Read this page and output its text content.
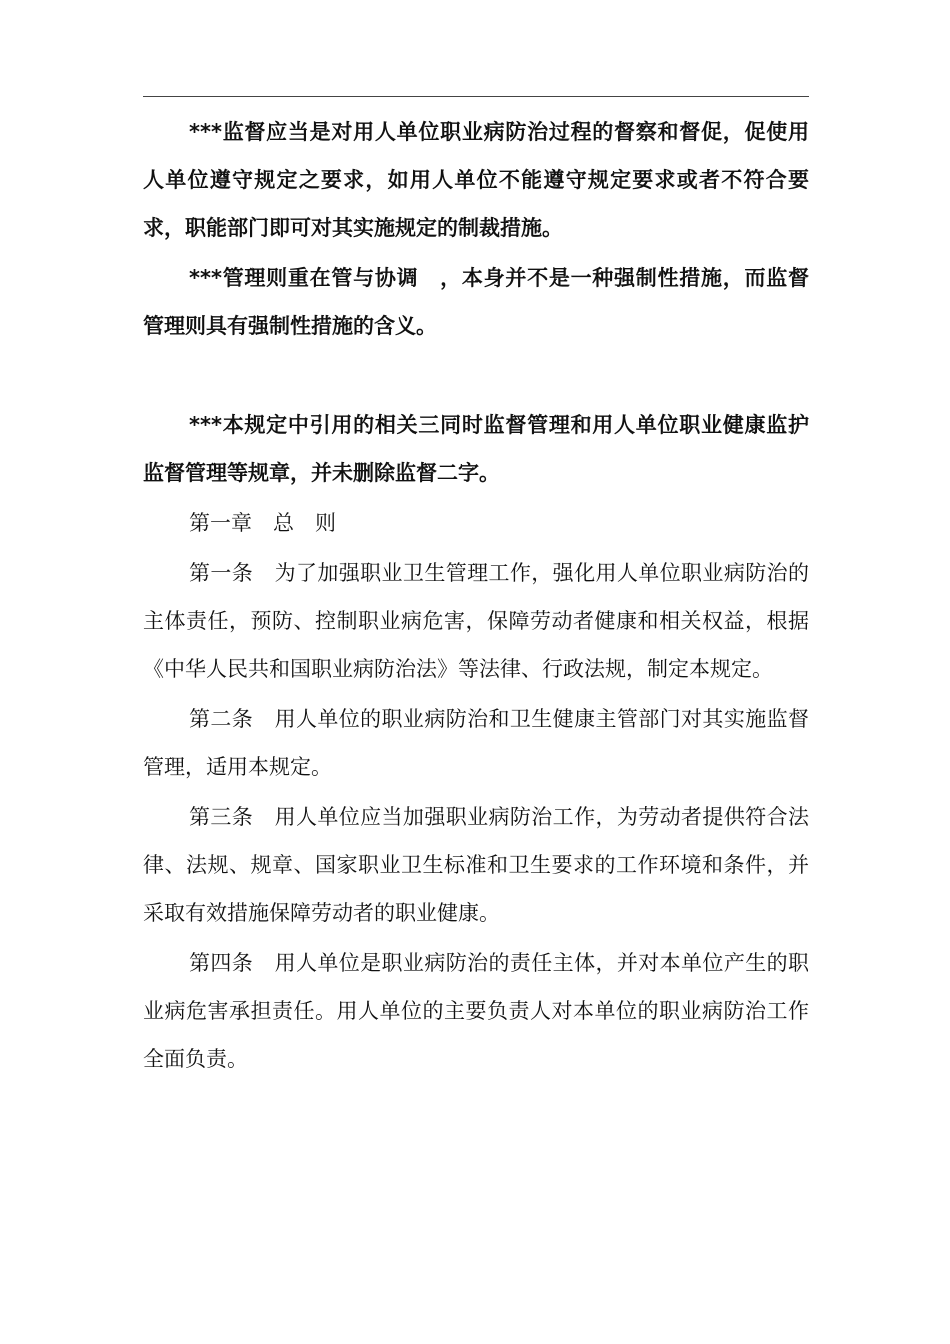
***监督应当是对用人单位职业病防治过程的督察和督促，促使用人单位遵守规定之要求，如用人单位不能遵守规定要求或者不符合要求，职能部门即可对其实施规定的制裁措施。

***管理则重在管与协调　，本身并不是一种强制性措施，而监督管理则具有强制性措施的含义。

***本规定中引用的相关三同时监督管理和用人单位职业健康监护监督管理等规章，并未删除监督二字。

第一章　总　则

第一条　为了加强职业卫生管理工作，强化用人单位职业病防治的主体责任，预防、控制职业病危害，保障劳动者健康和相关权益，根据《中华人民共和国职业病防治法》等法律、行政法规，制定本规定。

第二条　用人单位的职业病防治和卫生健康主管部门对其实施监督管理，适用本规定。

第三条　用人单位应当加强职业病防治工作，为劳动者提供符合法律、法规、规章、国家职业卫生标准和卫生要求的工作环境和条件，并采取有效措施保障劳动者的职业健康。

第四条　用人单位是职业病防治的责任主体，并对本单位产生的职业病危害承担责任。用人单位的主要负责人对本单位的职业病防治工作全面负责。
